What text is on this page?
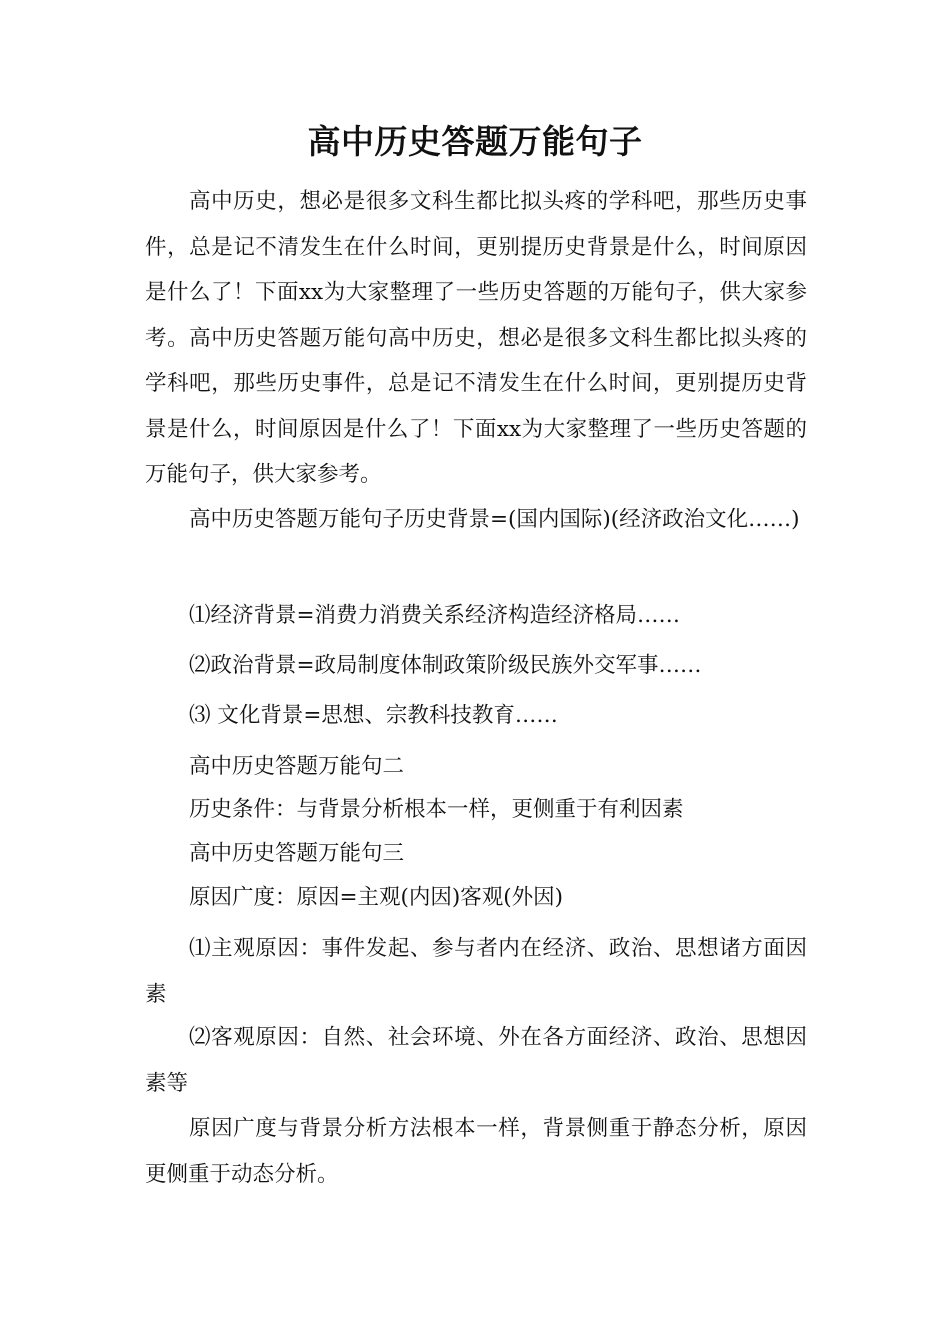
高中历史答题万能句子

高中历史，想必是很多文科生都比拟头疼的学科吧，那些历史事件，总是记不清发生在什么时间，更别提历史背景是什么，时间原因是什么了！下面xx为大家整理了一些历史答题的万能句子，供大家参考。高中历史答题万能句高中历史，想必是很多文科生都比拟头疼的学科吧，那些历史事件，总是记不清发生在什么时间，更别提历史背景是什么，时间原因是什么了！下面xx为大家整理了一些历史答题的万能句子，供大家参考。

高中历史答题万能句子历史背景=(国内国际)(经济政治文化……)

⑴经济背景=消费力消费关系经济构造经济格局……

⑵政治背景=政局制度体制政策阶级民族外交军事……

⑶ 文化背景=思想、宗教科技教育……

高中历史答题万能句二

历史条件：与背景分析根本一样，更侧重于有利因素

高中历史答题万能句三

原因广度：原因=主观(内因)客观(外因)

⑴主观原因：事件发起、参与者内在经济、政治、思想诸方面因素

⑵客观原因：自然、社会环境、外在各方面经济、政治、思想因素等

原因广度与背景分析方法根本一样，背景侧重于静态分析，原因更侧重于动态分析。
